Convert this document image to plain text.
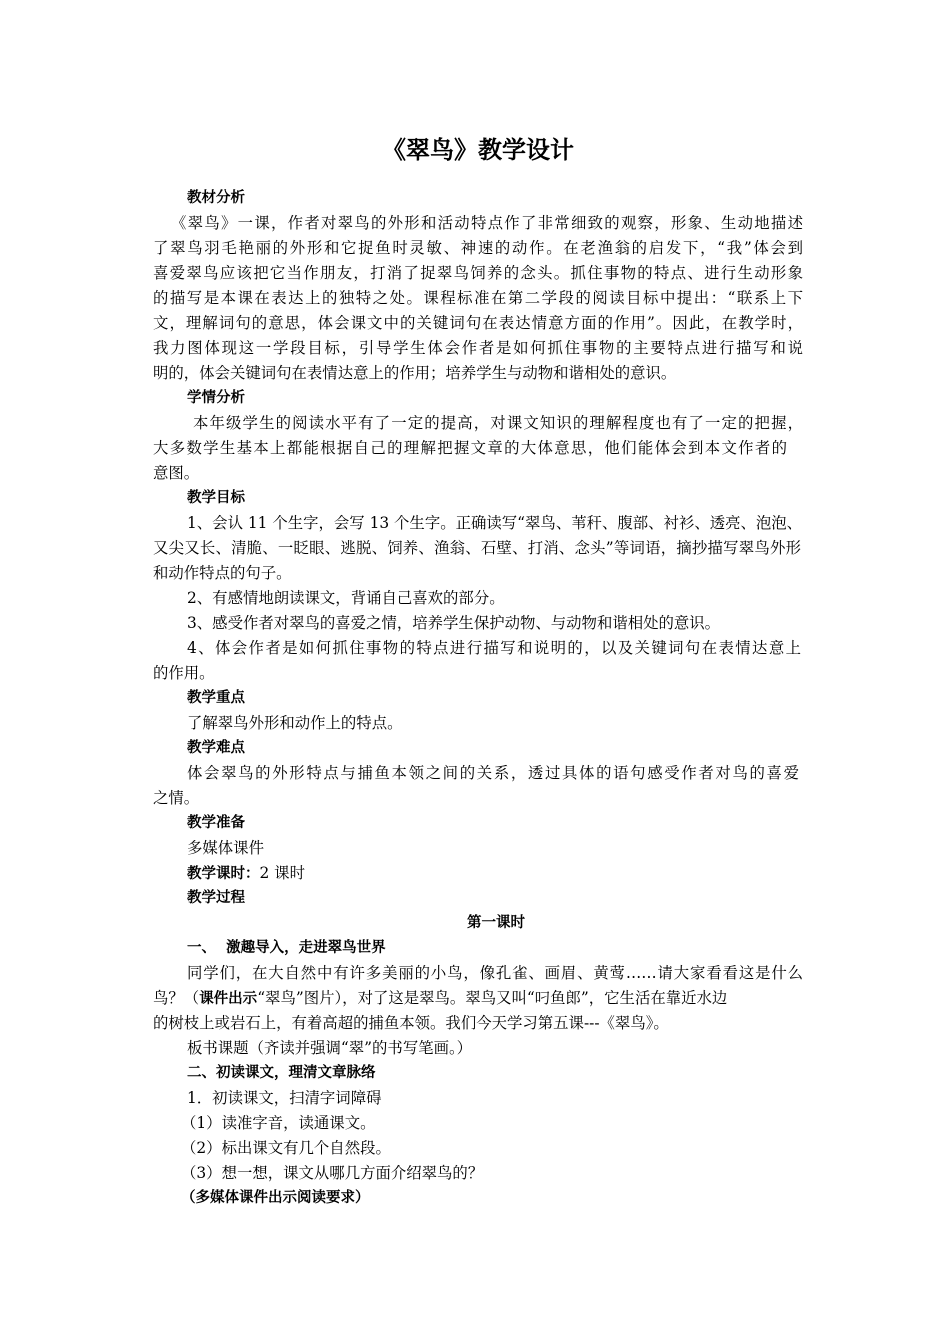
《翠鸟》教学设计
教材分析
《翠鸟》一课，作者对翠鸟的外形和活动特点作了非常细致的观察，形象、生动地描述
了翠鸟羽毛艳丽的外形和它捉鱼时灵敏、神速的动作。在老渔翁的启发下，“我”体会到
喜爱翠鸟应该把它当作朋友，打消了捉翠鸟饲养的念头。抓住事物的特点、进行生动形象
的描写是本课在表达上的独特之处。课程标准在第二学段的阅读目标中提出：“联系上下
文，理解词句的意思，体会课文中的关键词句在表达情意方面的作用”。因此，在教学时，
我力图体现这一学段目标，引导学生体会作者是如何抓住事物的主要特点进行描写和说
明的，体会关键词句在表情达意上的作用；培养学生与动物和谐相处的意识。
学情分析
本年级学生的阅读水平有了一定的提高，对课文知识的理解程度也有了一定的把握，
大多数学生基本上都能根据自己的理解把握文章的大体意思，他们能体会到本文作者的
意图。
教学目标
1、会认 11 个生字，会写 13 个生字。正确读写“翠鸟、苇秆、腹部、衬衫、透亮、泡泡、
又尖又长、清脆、一眨眼、逃脱、饲养、渔翁、石壁、打消、念头”等词语，摘抄描写翠鸟外形
和动作特点的句子。
2、有感情地朗读课文，背诵自己喜欢的部分。
3、感受作者对翠鸟的喜爱之情，培养学生保护动物、与动物和谐相处的意识。
4、体会作者是如何抓住事物的特点进行描写和说明的，以及关键词句在表情达意上
的作用。
教学重点
了解翠鸟外形和动作上的特点。
教学难点
体会翠鸟的外形特点与捕鱼本领之间的关系，透过具体的语句感受作者对鸟的喜爱
之情。
教学准备
多媒体课件
教学课时：2 课时
教学过程
第一课时
一、  激趣导入，走进翠鸟世界
同学们，在大自然中有许多美丽的小鸟，像孔雀、画眉、黄莺……请大家看看这是什么
鸟？（课件出示“翠鸟”图片），对了这是翠鸟。翠鸟又叫“叼鱼郎”，它生活在靠近水边
的树枝上或岩石上，有着高超的捕鱼本领。我们今天学习第五课---《翠鸟》。
板书课题（齐读并强调“翠”的书写笔画。）
二、初读课文，理清文章脉络
1．初读课文，扫清字词障碍
（1）读准字音，读通课文。
（2）标出课文有几个自然段。
（3）想一想，课文从哪几方面介绍翠鸟的？
（多媒体课件出示阅读要求）
